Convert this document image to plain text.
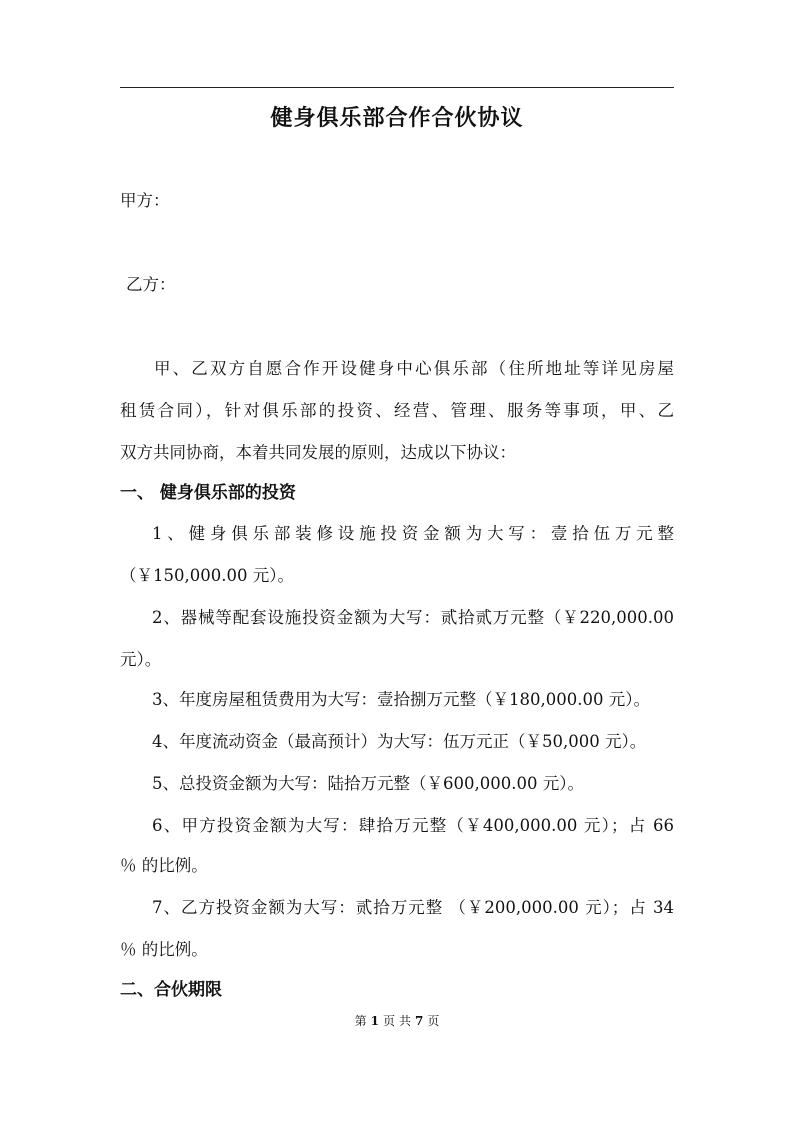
健身俱乐部合作合伙协议
甲方：
乙方：
甲、乙双方自愿合作开设健身中心俱乐部（住所地址等详见房屋
租赁合同），针对俱乐部的投资、经营、管理、服务等事项，甲、乙
双方共同协商，本着共同发展的原则，达成以下协议：
一、 健身俱乐部的投资
1、健身俱乐部装修设施投资金额为大写：壹拾伍万元整
（￥150,000.00 元）。
2、器械等配套设施投资金额为大写：贰拾贰万元整（￥220,000.00
元）。
3、年度房屋租赁费用为大写：壹拾捌万元整（￥180,000.00 元）。
4、年度流动资金（最高预计）为大写：伍万元正（￥50,000 元）。
5、总投资金额为大写：陆拾万元整（￥600,000.00 元）。
6、甲方投资金额为大写：肆拾万元整（￥400,000.00 元）；占 66
％ 的比例。
7、乙方投资金额为大写：贰拾万元整 （￥200,000.00 元）；占 34
％ 的比例。
二、合伙期限
第 1 页 共 7 页
